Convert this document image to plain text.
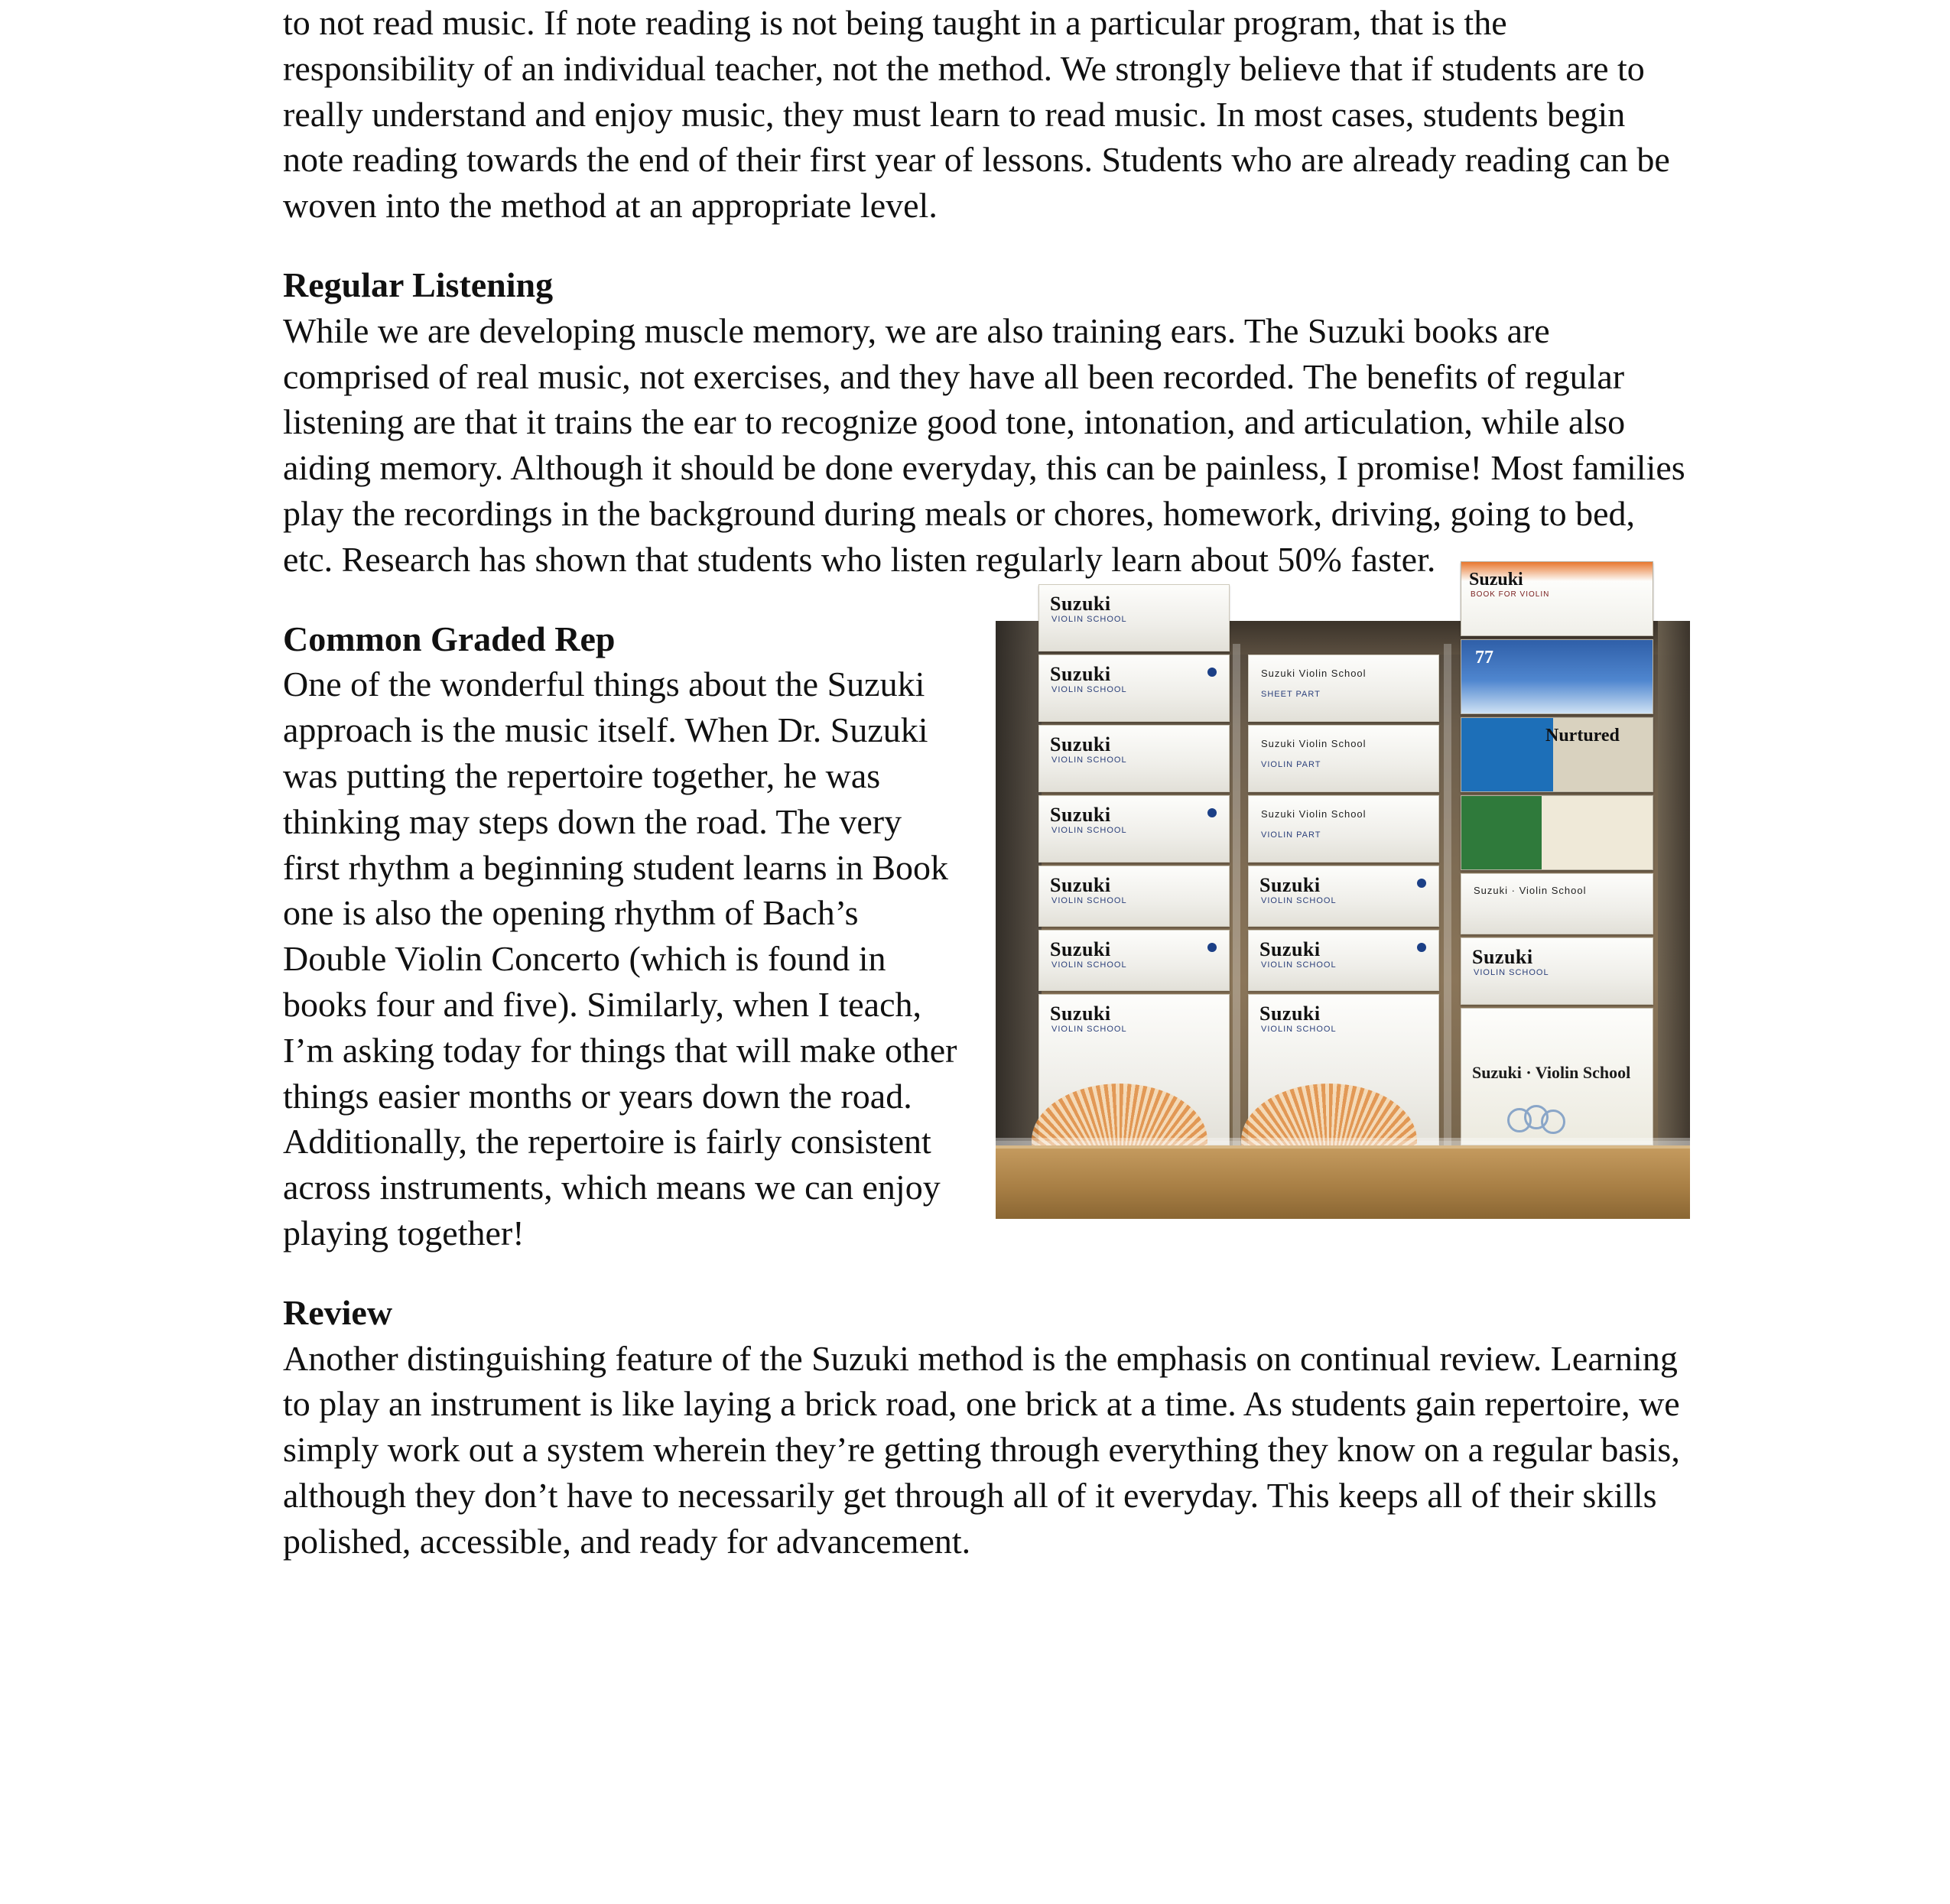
to not read music. If note reading is not being taught in a particular program, that is the responsibility of an individual teacher, not the method. We strongly believe that if students are to really understand and enjoy music, they must learn to read music. In most cases, students begin note reading towards the end of their first year of lessons. Students who are already reading can be woven into the method at an appropriate level.

Regular Listening

While we are developing muscle memory, we are also training ears. The Suzuki books are comprised of real music, not exercises, and they have all been recorded. The benefits of regular listening are that it trains the ear to recognize good tone, intonation, and articulation, while also aiding memory. Although it should be done everyday, this can be painless, I promise! Most families play the recordings in the background during meals or chores, homework, driving, going to bed, etc. Research has shown that students who listen regularly learn about 50% faster.

Suzuki
VIOLIN SCHOOL
Suzuki
VIOLIN SCHOOL
Suzuki
VIOLIN SCHOOL
Suzuki
VIOLIN SCHOOL
Suzuki
VIOLIN SCHOOL
Suzuki
VIOLIN SCHOOL
Suzuki
VIOLIN SCHOOL
Suzuki
VIOLIN SCHOOL
Suzuki
VIOLIN SCHOOL
Suzuki
VIOLIN SCHOOL
Suzuki Violin School
VIOLIN PART
Suzuki Violin School
VIOLIN PART
Suzuki Violin School
SHEET PART
Suzuki · Violin School
Suzuki
VIOLIN SCHOOL
Suzuki · Violin School
Nurtured
77
Suzuki
BOOK FOR VIOLIN

Common Graded Rep

One of the wonderful things about the Suzuki approach is the music itself. When Dr. Suzuki was putting the repertoire together, he was thinking may steps down the road. The very first rhythm a beginning student learns in Book one is also the opening rhythm of Bach’s Double Violin Concerto (which is found in books four and five). Similarly, when I teach, I’m asking today for things that will make other things easier months or years down the road. Additionally, the repertoire is fairly consistent across instruments, which means we can enjoy playing together!

Review

Another distinguishing feature of the Suzuki method is the emphasis on continual review. Learning to play an instrument is like laying a brick road, one brick at a time. As students gain repertoire, we simply work out a system wherein they’re getting through everything they know on a regular basis, although they don’t have to necessarily get through all of it everyday. This keeps all of their skills polished, accessible, and ready for advancement.
